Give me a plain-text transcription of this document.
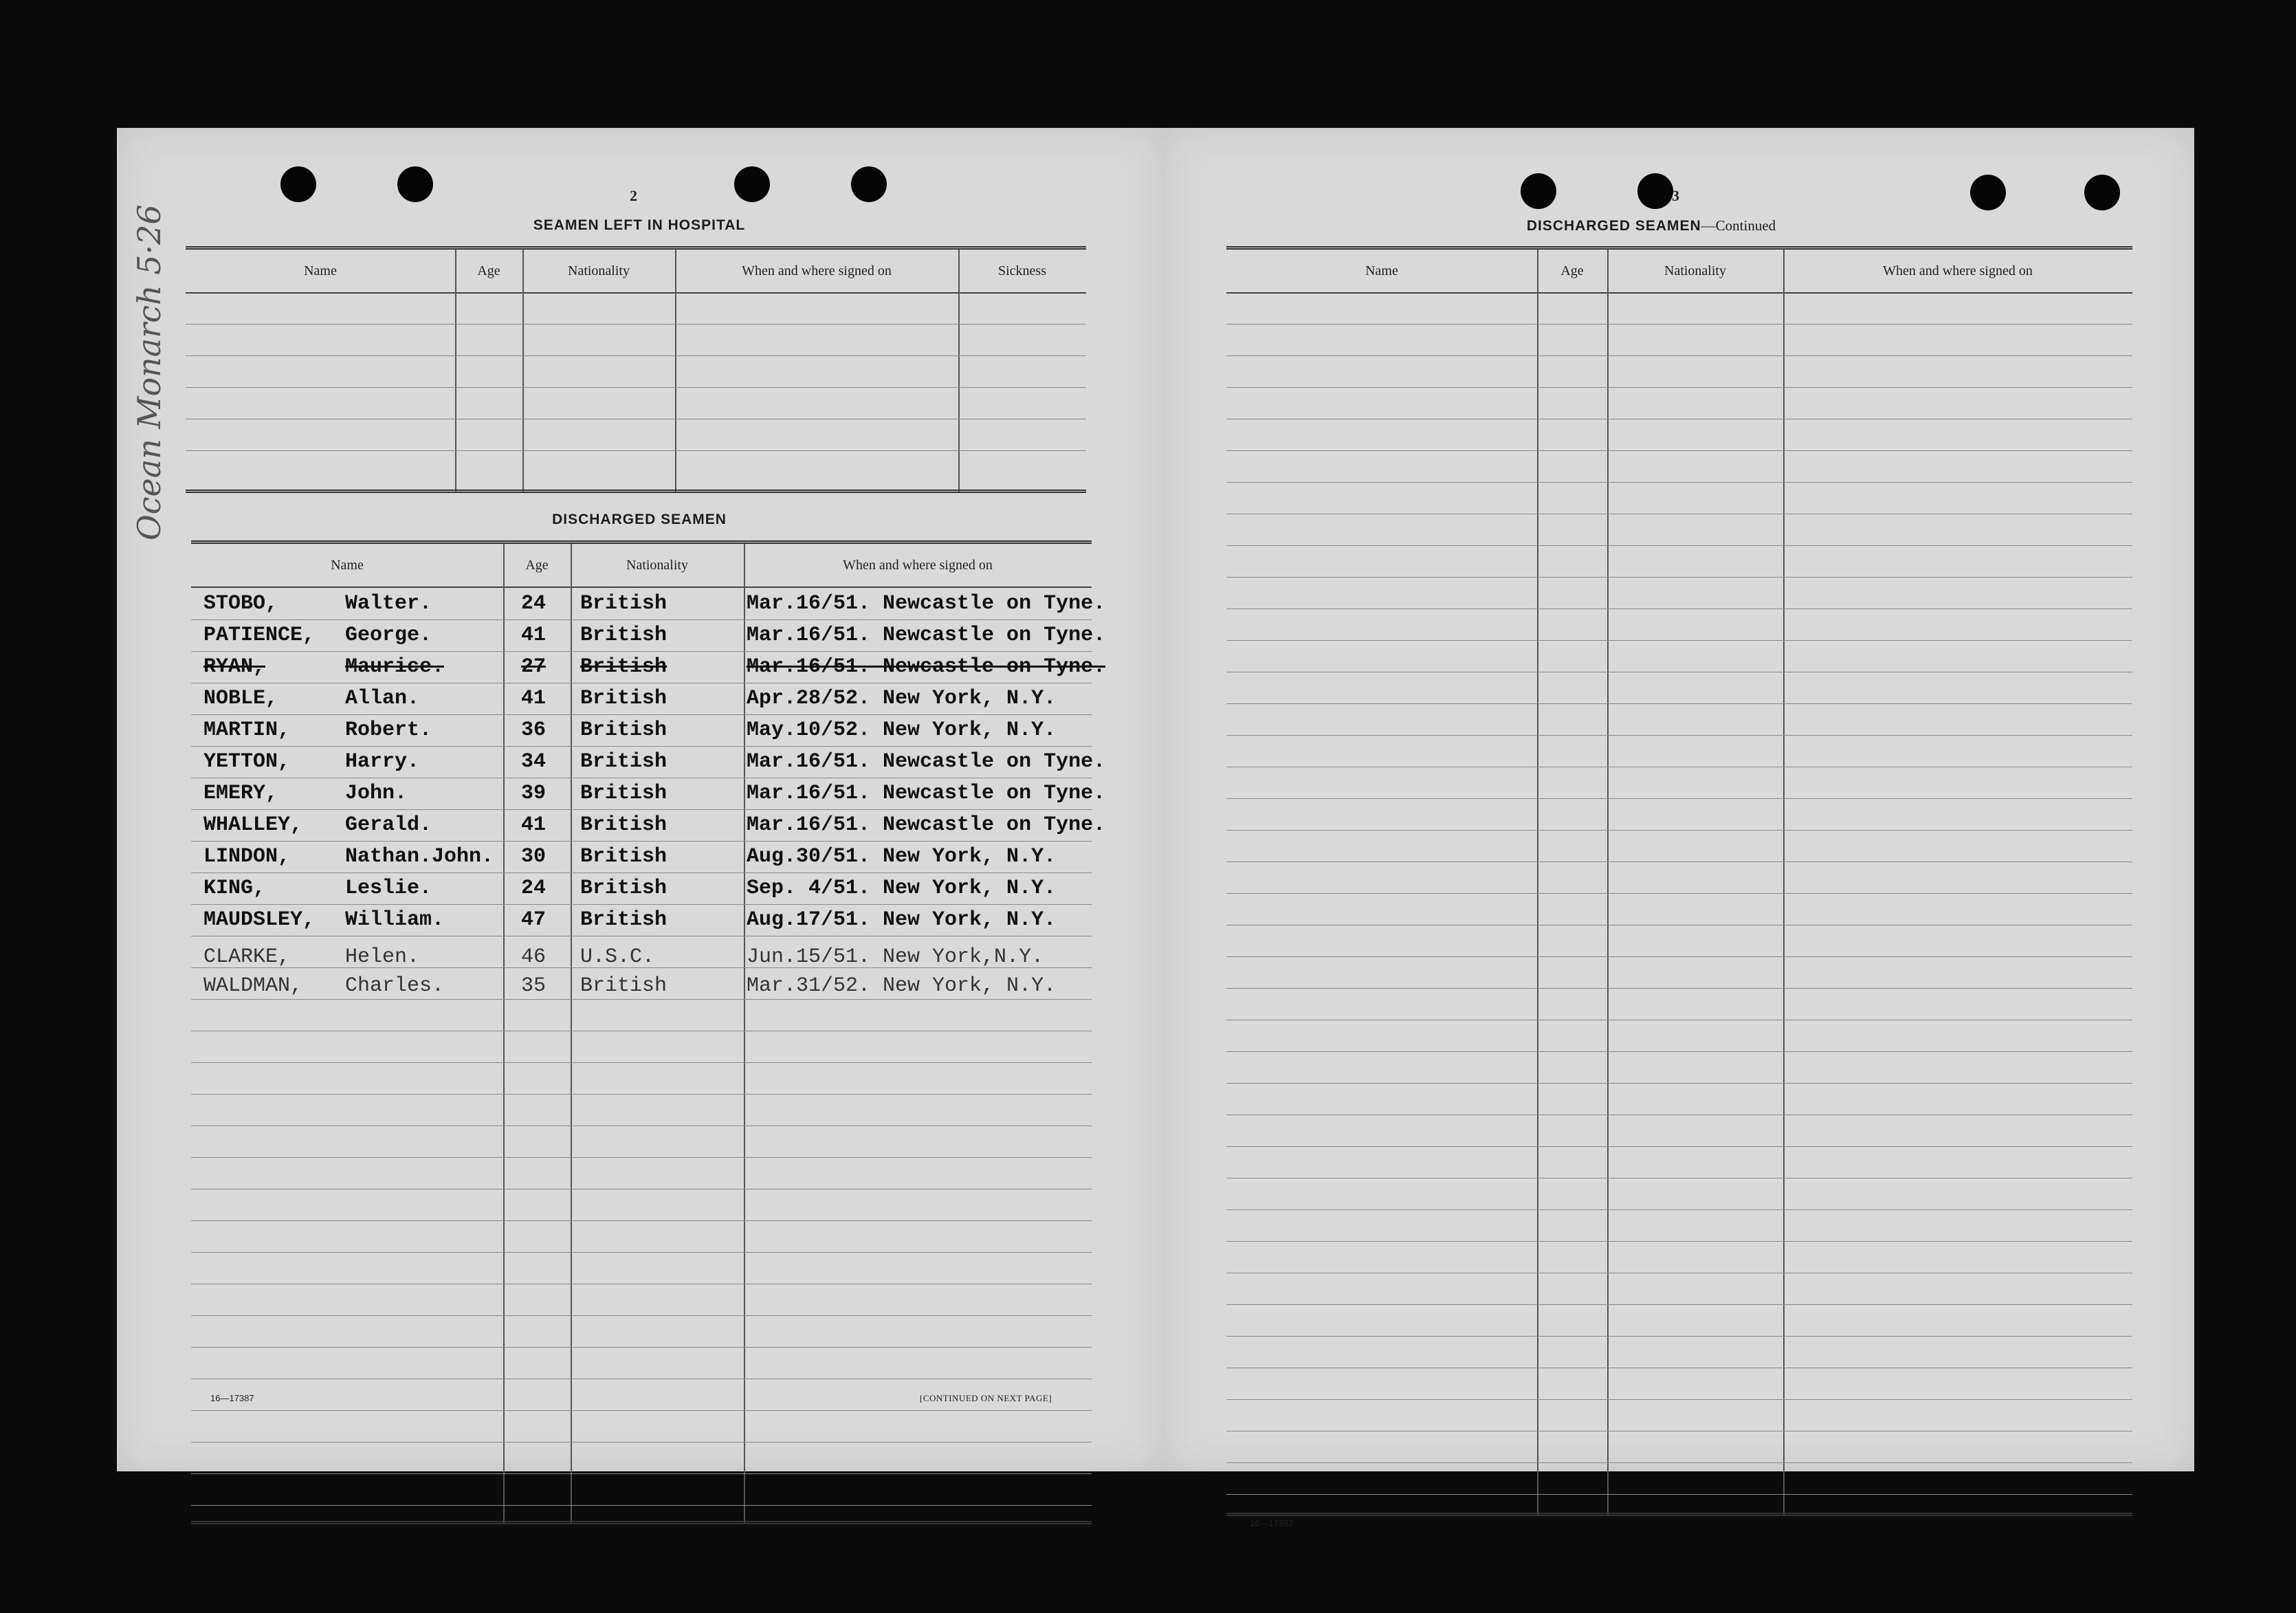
Ocean Monarch 5·26
2
SEAMEN LEFT IN HOSPITAL
Name	Age	Nationality	When and where signed on	Sickness
DISCHARGED SEAMEN
Name	Age	Nationality	When and where signed on
STOBO,	Walter.	24 British	Mar.16/51. Newcastle on Tyne.
PATIENCE, George.	41 British	Mar.16/51. Newcastle on Tyne.
RYAN,	Maurice.	27 British	Mar.16/51. Newcastle on Tyne.
NOBLE,	Allan.	41 British	Apr.28/52. New York, N.Y.
MARTIN,	Robert.	36 British	May.10/52. New York, N.Y.
YETTON,	Harry.	34 British	Mar.16/51. Newcastle on Tyne.
EMERY,	John.	39 British	Mar.16/51. Newcastle on Tyne.
WHALLEY, Gerald.	41 British	Mar.16/51. Newcastle on Tyne.
LINDON,	Nathan.John. 30 British	Aug.30/51. New York, N.Y.
KING,	Leslie.	24 British	Sep. 4/51. New York, N.Y.
MAUDSLEY, William.	47 British	Aug.17/51. New York, N.Y.
CLARKE,	Helen.	46 U.S.C.	Jun.15/51. New York,N.Y.
WALDMAN, Charles.	35 British	Mar.31/52. New York, N.Y.
16—17387	[CONTINUED ON NEXT PAGE]
3
DISCHARGED SEAMEN—Continued
Name	Age	Nationality	When and where signed on
16—17387
